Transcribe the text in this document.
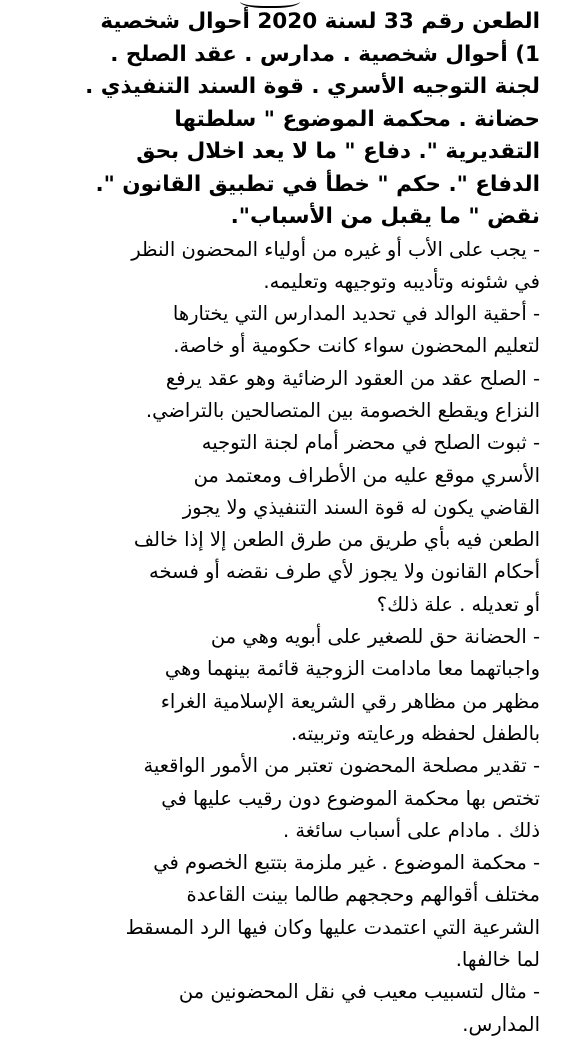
الطعن رقم 33 لسنة 2020 أحوال شخصية
1) أحوال شخصية . مدارس . عقد الصلح .
لجنة التوجيه الأسري . قوة السند التنفيذي .
حضانة . محكمة الموضوع " سلطتها
التقديرية ". دفاع " ما لا يعد اخلال بحق
الدفاع ". حكم " خطأ في تطبيق القانون ".
نقض " ما يقبل من الأسباب".
- يجب على الأب أو غيره من أولياء المحضون النظر
في شئونه وتأديبه وتوجيهه وتعليمه.
- أحقية الوالد في تحديد المدارس التي يختارها
لتعليم المحضون سواء كانت حكومية أو خاصة.
- الصلح عقد من العقود الرضائية وهو عقد يرفع
النزاع ويقطع الخصومة بين المتصالحين بالتراضي.
- ثبوت الصلح في محضر أمام لجنة التوجيه
الأسري موقع عليه من الأطراف ومعتمد من
القاضي يكون له قوة السند التنفيذي ولا يجوز
الطعن فيه بأي طريق من طرق الطعن إلا إذا خالف
أحكام القانون ولا يجوز لأي طرف نقضه أو فسخه
أو تعديله . علة ذلك؟
- الحضانة حق للصغير على أبويه وهي من
واجباتهما معا مادامت الزوجية قائمة بينهما وهي
مظهر من مظاهر رقي الشريعة الإسلامية الغراء
بالطفل لحفظه ورعايته وتربيته.
- تقدير مصلحة المحضون تعتبر من الأمور الواقعية
تختص بها محكمة الموضوع دون رقيب عليها في
ذلك . مادام على أسباب سائغة .
- محكمة الموضوع . غير ملزمة بتتبع الخصوم في
مختلف أقوالهم وحججهم طالما بينت القاعدة
الشرعية التي اعتمدت عليها وكان فيها الرد المسقط
لما خالفها.
- مثال لتسبيب معيب في نقل المحضونين من
المدارس.
